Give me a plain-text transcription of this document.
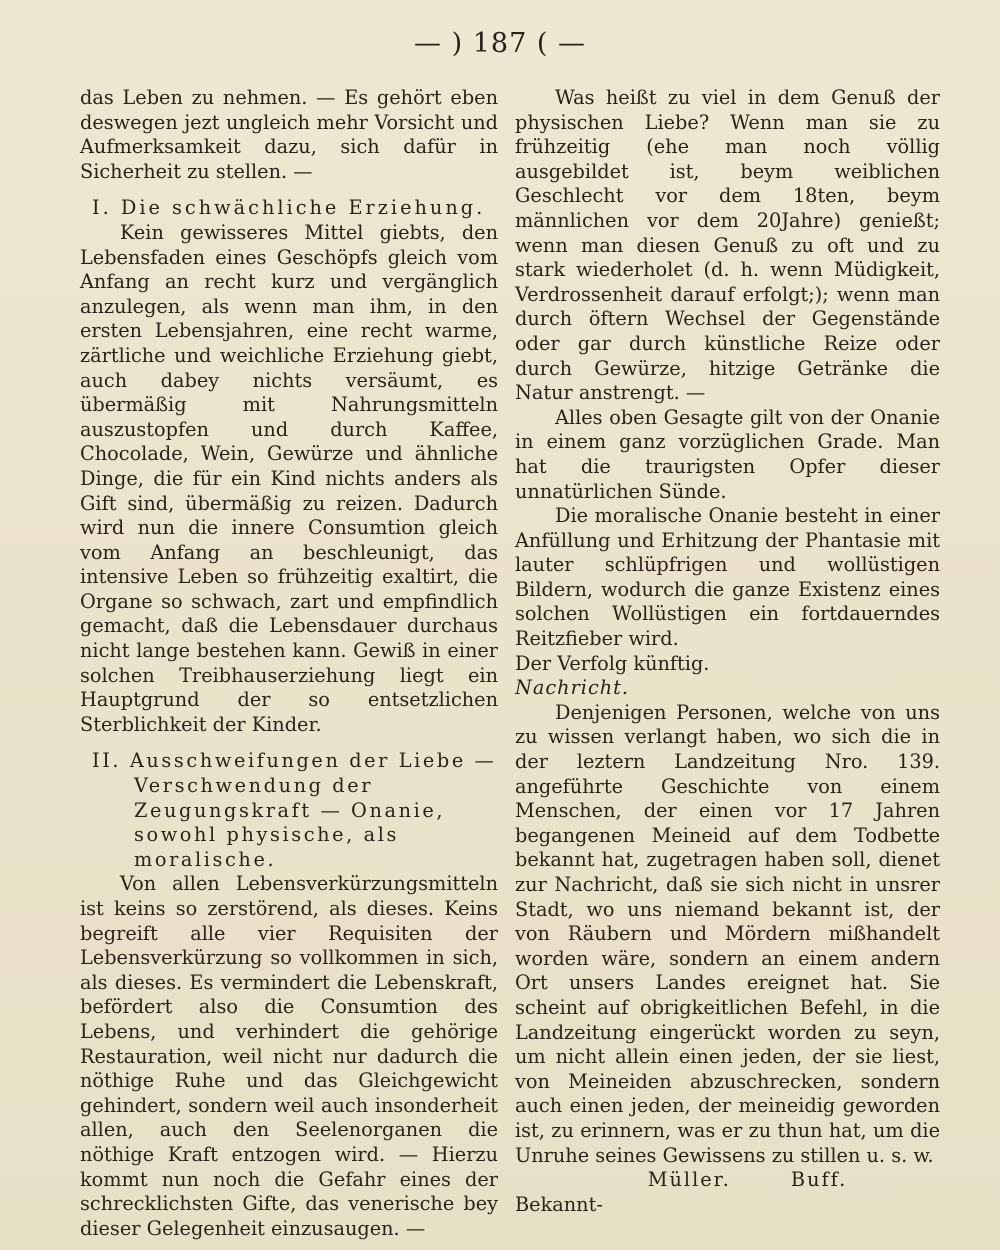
— ) 187 ( —

das Leben zu nehmen. — Es gehört eben deswegen jezt ungleich mehr Vorsicht und Aufmerksamkeit dazu, sich dafür in Sicherheit zu stellen. —

I. Die schwächliche Erziehung.

Kein gewisseres Mittel giebts, den Lebensfaden eines Geschöpfs gleich vom Anfang an recht kurz und vergänglich anzulegen, als wenn man ihm, in den ersten Lebensjahren, eine recht warme, zärtliche und weichliche Erziehung giebt, auch dabey nichts versäumt, es übermäßig mit Nahrungsmitteln auszustopfen und durch Kaffee, Chocolade, Wein, Gewürze und ähnliche Dinge, die für ein Kind nichts anders als Gift sind, übermäßig zu reizen. Dadurch wird nun die innere Consumtion gleich vom Anfang an beschleunigt, das intensive Leben so frühzeitig exaltirt, die Organe so schwach, zart und empfindlich gemacht, daß die Lebensdauer durchaus nicht lange bestehen kann. Gewiß in einer solchen Treibhauserziehung liegt ein Hauptgrund der so entsetzlichen Sterblichkeit der Kinder.

II. Ausschweifungen der Liebe — Verschwendung der Zeugungskraft — Onanie, sowohl physische, als moralische.

Von allen Lebensverkürzungsmitteln ist keins so zerstörend, als dieses. Keins begreift alle vier Requisiten der Lebensverkürzung so vollkommen in sich, als dieses. Es vermindert die Lebenskraft, befördert also die Consumtion des Lebens, und verhindert die gehörige Restauration, weil nicht nur dadurch die nöthige Ruhe und das Gleichgewicht gehindert, sondern weil auch insonderheit allen, auch den Seelenorganen die nöthige Kraft entzogen wird. — Hierzu kommt nun noch die Gefahr eines der schrecklichsten Gifte, das venerische bey dieser Gelegenheit einzusaugen. —

Was heißt zu viel in dem Genuß der physischen Liebe? Wenn man sie zu frühzeitig (ehe man noch völlig ausgebildet ist, beym weiblichen Geschlecht vor dem 18ten, beym männlichen vor dem 20Jahre) genießt; wenn man diesen Genuß zu oft und zu stark wiederholet (d. h. wenn Müdigkeit, Verdrossenheit darauf erfolgt;); wenn man durch öftern Wechsel der Gegenstände oder gar durch künstliche Reize oder durch Gewürze, hitzige Getränke die Natur anstrengt. —

Alles oben Gesagte gilt von der Onanie in einem ganz vorzüglichen Grade. Man hat die traurigsten Opfer dieser unnatürlichen Sünde.

Die moralische Onanie besteht in einer Anfüllung und Erhitzung der Phantasie mit lauter schlüpfrigen und wollüstigen Bildern, wodurch die ganze Existenz eines solchen Wollüstigen ein fortdauerndes Reitzfieber wird.

Der Verfolg künftig.

Nachricht.

Denjenigen Personen, welche von uns zu wissen verlangt haben, wo sich die in der leztern Landzeitung Nro. 139. angeführte Geschichte von einem Menschen, der einen vor 17 Jahren begangenen Meineid auf dem Todbette bekannt hat, zugetragen haben soll, dienet zur Nachricht, daß sie sich nicht in unsrer Stadt, wo uns niemand bekannt ist, der von Räubern und Mördern mißhandelt worden wäre, sondern an einem andern Ort unsers Landes ereignet hat. Sie scheint auf obrigkeitlichen Befehl, in die Landzeitung eingerückt worden zu seyn, um nicht allein einen jeden, der sie liest, von Meineiden abzuschrecken, sondern auch einen jeden, der meineidig geworden ist, zu erinnern, was er zu thun hat, um die Unruhe seines Gewissens zu stillen u. s. w.

Müller.	Buff.

Bekannt-
